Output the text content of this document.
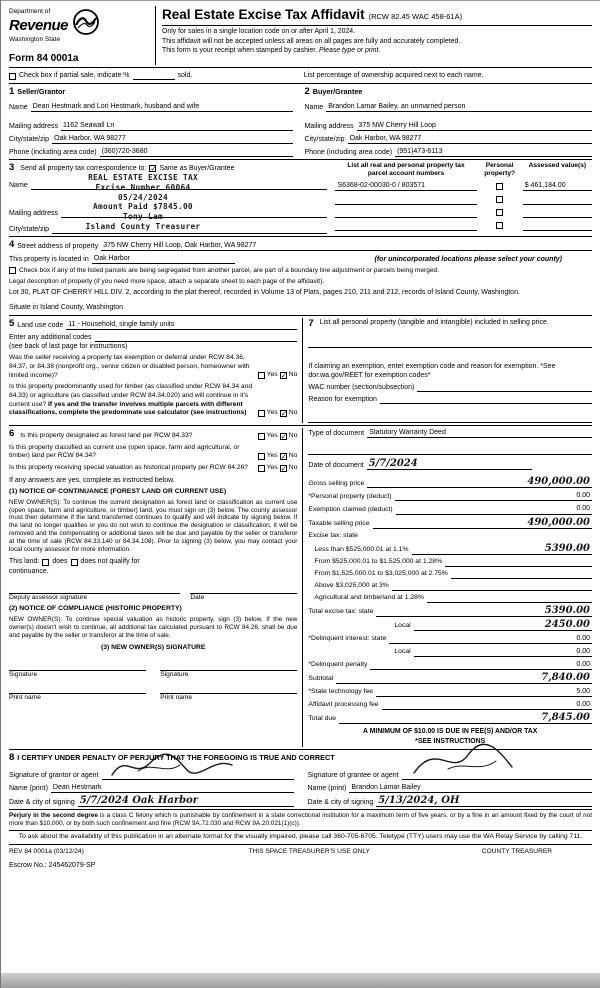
Department of
Revenue
Washington State
Form 84 0001a
Real Estate Excise Tax Affidavit (RCW 82.45 WAC 458-61A)
Only for sales in a single location code on or after April 1, 2024.
This affidavit will not be accepted unless all areas on all pages are fully and accurately completed.
This form is your receipt when stamped by cashier. Please type or print.
Check box if partial sale, indicate %	sold.	List percentage of ownership acquired next to each name.
1 Seller/Grantor
Name Dean Hestmark and Lori Hestmark, husband and wife
Mailing address 1162 Seawall Ln
City/state/zip Oak Harbor, WA 98277
Phone (including area code) (360)720-3680
2 Buyer/Grantee
Name Brandon Lamar Bailey, an unmarried person
Mailing address 375 NW Cherry Hill Loop
City/state/zip Oak Harbor, WA 98277
Phone (including area code) (951)473-6113
3 Send all property tax correspondence to: ✓ Same as Buyer/Grantee
Name
Mailing address
City/state/zip
REAL ESTATE EXCISE TAX
Excise Number 60064
05/24/2024
Amount Paid $7845.00
Tony Lam
Island County Treasurer
List all real and personal property tax parcel account numbers
Personal property?
Assessed value(s)
S6368-02-00030-0 / 803571	$ 461,184.00
4 Street address of property 375 NW Cherry Hill Loop, Oak Harbor, WA 98277
This property is located in Oak Harbor	(for unincorporated locations please select your county)
Check box if any of the listed parcels are being segregated from another parcel, are part of a boundary line adjustment or parcels being merged.
Legal description of property (if you need more space, attach a separate sheet to each page of the affidavit).
Lot 30, PLAT OF CHERRY HILL DIV. 2, according to the plat thereof, recorded in Volume 13 of Plats, pages 210, 211 and 212, records of Island County, Washington.
Situate in Island County, Washington
5 Land use code 11 - Household, single family units
Enter any additional codes
(see back of last page for instructions)
Was the seller receiving a property tax exemption or deferral under RCW 84.36, 84.37, or 84.38 (nonprofit org., senior citizen or disabled person, homeowner with limited income)?	Yes ✓ No
Is this property predominantly used for timber (as classified under RCW 84.34 and 84.33) or agriculture (as classified under RCW 84.34.020) and will continue in it's current use? If yes and the transfer involves multiple parcels with different classifications, complete the predominate use calculator (see instructions)	Yes ✓ No
7 List all personal property (tangible and intangible) included in selling price.
If claiming an exemption, enter exemption code and reason for exemption. *See dor.wa.gov/REET for exemption codes*
WAC number (section/subsection)
Reason for exemption
6 Is this property designated as forest land per RCW 84.33?	Yes ✓ No
Is this property classified as current use (open space, farm and agricultural, or timber) land per RCW 84.34?	Yes ✓ No
Is this property receiving special valuation as historical property per RCW 84.26?	Yes ✓ No
If any answers are yes, complete as instructed below.
(1) NOTICE OF CONTINUANCE (FOREST LAND OR CURRENT USE)
NEW OWNER(S): To continue the current designation as forest land or classification as current use (open space, farm and agriculture, or timber) land, you must sign on (3) below. The county assessor must then determine if the land transferred continues to qualify and will indicate by signing below. If the land no longer qualifies or you do not wish to continue the designation or classification, it will be removed and the compensating or additional taxes will be due and payable by the seller or transferor at the time of sale (RCW 84.33.140 or 84.34.108). Prior to signing (3) below, you may contact your local county assessor for more information.
This land: does does not qualify for
continuance.
Deputy assessor signature	Date
(2) NOTICE OF COMPLIANCE (HISTORIC PROPERTY)
NEW OWNER(S): To continue special valuation as historic property, sign (3) below. If the new owner(s) doesn't wish to continue, all additional tax calculated pursuant to RCW 84.26, shall be due and payable by the seller or transferor at the time of sale.
(3) NEW OWNER(S) SIGNATURE
Signature	Signature
Print name	Print name
Type of document Statutory Warranty Deed
Date of document 5/7/2024
Gross selling price	490,000.00
*Personal property (deduct)	0.00
Exemption claimed (deduct)	0.00
Taxable selling price	490,000.00
Excise tax: state
Less than $525,000.01 at 1.1%	5390.00
From $525,000.01 to $1,525,000 at 1.28%
From $1,525,000.01 to $3,025,000 at 2.75%
Above $3,025,000 at 3%
Agricultural and timberland at 1.28%
Total excise tax: state	5390.00
Local	2450.00
*Delinquent interest: state	0.00
Local	0.00
*Delinquent penalty	0.00
Subtotal	7,840.00
*State technology fee	5.00
Affidavit processing fee	0.00
Total due	7,845.00
A MINIMUM OF $10.00 IS DUE IN FEE(S) AND/OR TAX
*SEE INSTRUCTIONS
8 I CERTIFY UNDER PENALTY OF PERJURY THAT THE FOREGOING IS TRUE AND CORRECT
Signature of grantor or agent
Name (print) Dean Hestmark
Date & city of signing 5/7/2024 Oak Harbor
Signature of grantee or agent
Name (print) Brandon Lamar Bailey
Date & city of signing 5/13/2024, OH
Perjury in the second degree is a class C felony which is punishable by confinement in a state correctional institution for a maximum term of five years, or by a fine in an amount fixed by the court of not more than $10,000, or by both such confinement and fine (RCW 9A.72.030 and RCW 9A.20.021(1)(c)).
To ask about the availability of this publication in an alternate format for the visually impaired, please call 360-705-6705. Teletype (TTY) users may use the WA Relay Service by calling 711.
REV 84 0001a (03/12/24)	THIS SPACE TREASURER'S USE ONLY	COUNTY TREASURER
Escrow No.: 245462079-SP
